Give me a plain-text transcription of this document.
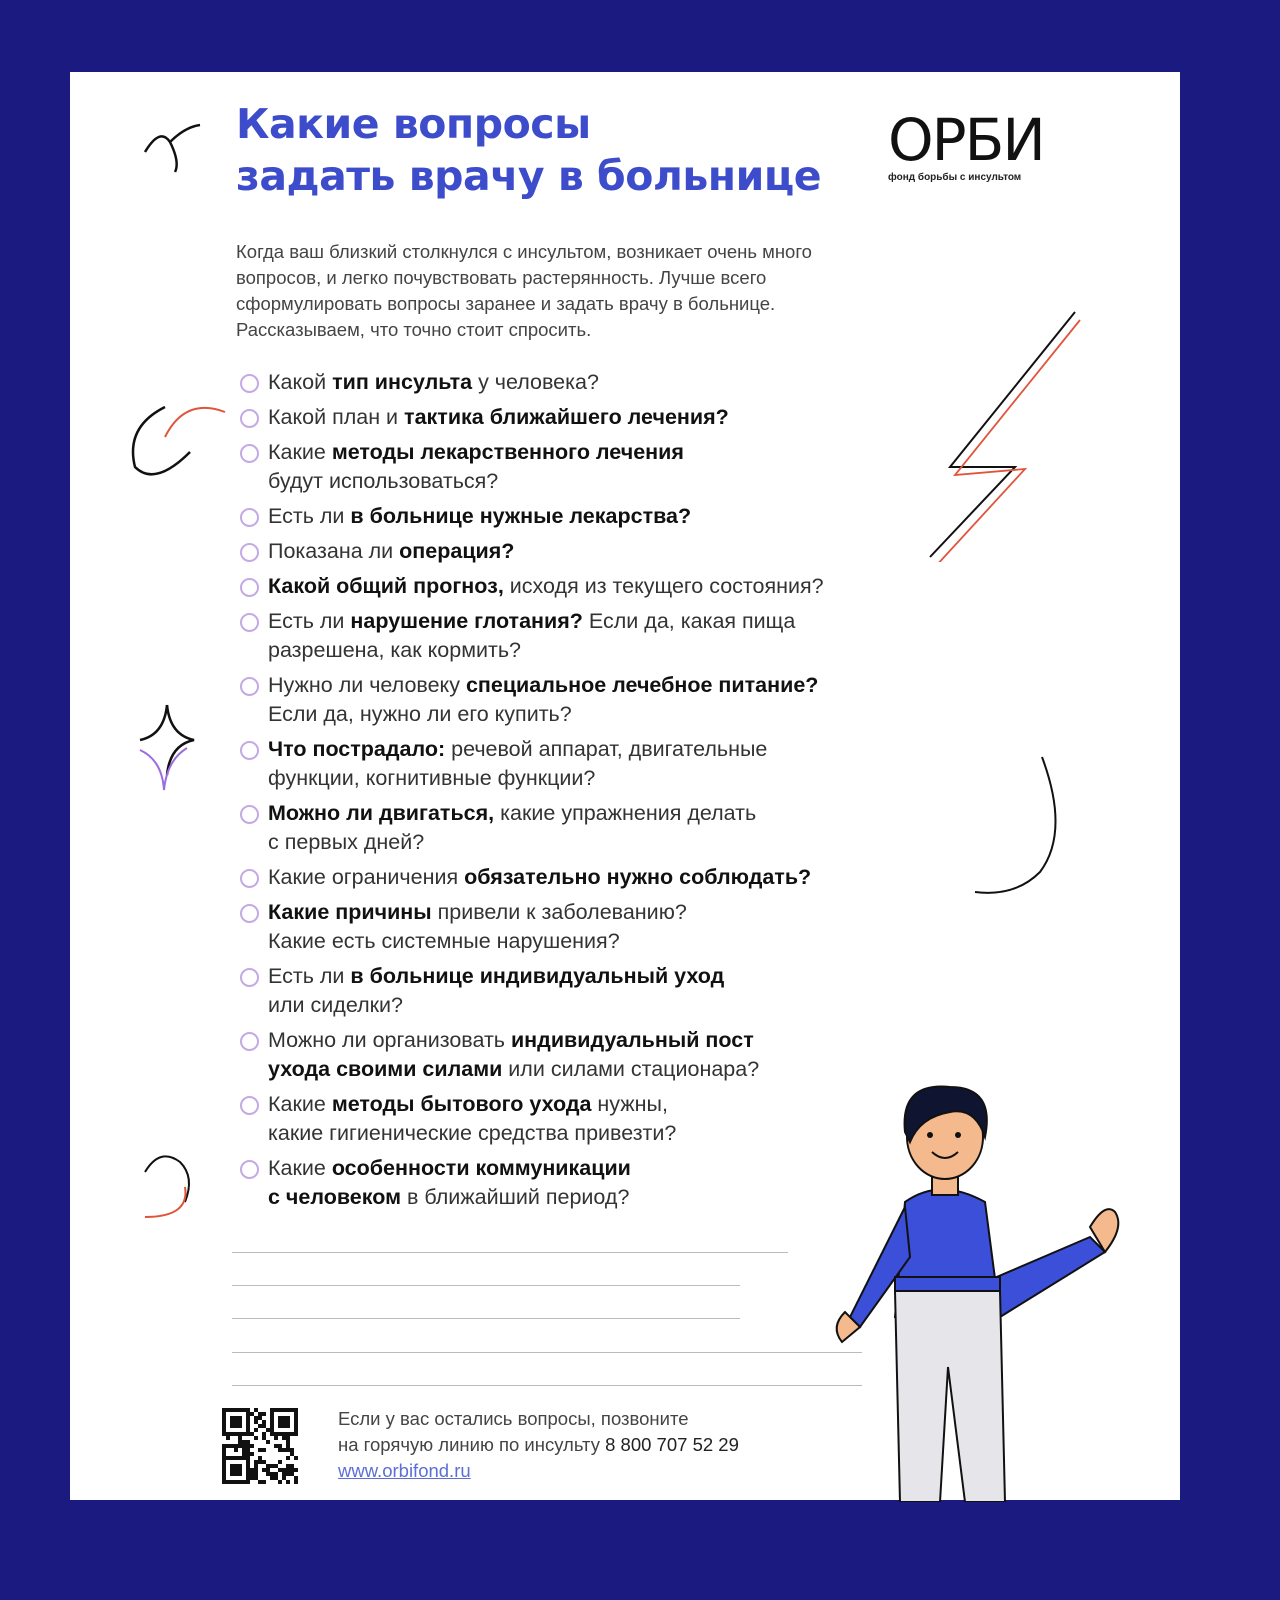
Какие вопросы
задать врачу в больнице
ОРБИ
фонд борьбы с инсультом
Когда ваш близкий столкнулся с инсультом, возникает очень много
вопросов, и легко почувствовать растерянность. Лучше всего
сформулировать вопросы заранее и задать врачу в больнице.
Рассказываем, что точно стоит спросить.
Какой тип инсульта у человека?
Какой план и тактика ближайшего лечения?
Какие методы лекарственного лечения
будут использоваться?
Есть ли в больнице нужные лекарства?
Показана ли операция?
Какой общий прогноз, исходя из текущего состояния?
Есть ли нарушение глотания? Если да, какая пища
разрешена, как кормить?
Нужно ли человеку специальное лечебное питание?
Если да, нужно ли его купить?
Что пострадало: речевой аппарат, двигательные
функции, когнитивные функции?
Можно ли двигаться, какие упражнения делать
с первых дней?
Какие ограничения обязательно нужно соблюдать?
Какие причины привели к заболеванию?
Какие есть системные нарушения?
Есть ли в больнице индивидуальный уход
или сиделки?
Можно ли организовать индивидуальный пост
ухода своими силами или силами стационара?
Какие методы бытового ухода нужны,
какие гигиенические средства привезти?
Какие особенности коммуникации
с человеком в ближайший период?
Если у вас остались вопросы, позвоните
на горячую линию по инсульту 8 800 707 52 29
www.orbifond.ru
